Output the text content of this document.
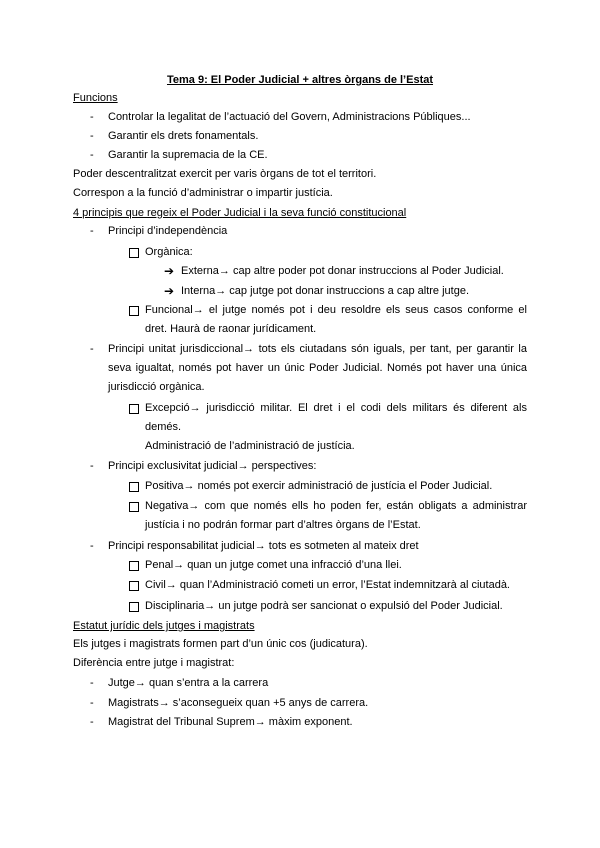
Tema 9: El Poder Judicial + altres òrgans de l’Estat
Funcions
- Controlar la legalitat de l’actuació del Govern, Administracions Públiques...
- Garantir els drets fonamentals.
- Garantir la supremacia de la CE.
Poder descentralitzat exercit per varis òrgans de tot el territori.
Correspon a la funció d’administrar o impartir justícia.
4 principis que regeix el Poder Judicial i la seva funció constitucional
- Principi d’independència
Orgànica:
➔ Externa→ cap altre poder pot donar instruccions al Poder Judicial.
➔ Interna→ cap jutge pot donar instruccions a cap altre jutge.
Funcional→ el jutge només pot i deu resoldre els seus casos conforme el
dret. Haurà de raonar jurídicament.
- Principi unitat jurisdiccional→ tots els ciutadans són iguals, per tant, per garantir la
seva igualtat, només pot haver un únic Poder Judicial. Només pot haver una única
jurisdicció orgànica.
Excepció→ jurisdicció militar. El dret i el codi dels militars és diferent als
demés.
Administració de l’administració de justícia.
- Principi exclusivitat judicial→ perspectives:
Positiva→ només pot exercir administració de justícia el Poder Judicial.
Negativa→ com que només ells ho poden fer, están obligats a administrar
justícia i no podrán formar part d’altres òrgans de l’Estat.
- Principi responsabilitat judicial→ tots es sotmeten al mateix dret
Penal→ quan un jutge comet una infracció d’una llei.
Civil→ quan l’Administració cometi un error, l’Estat indemnitzarà al ciutadà.
Disciplinaria→ un jutge podrà ser sancionat o expulsió del Poder Judicial.
Estatut jurídic dels jutges i magistrats
Els jutges i magistrats formen part d’un únic cos (judicatura).
Diferència entre jutge i magistrat:
- Jutge→ quan s’entra a la carrera
- Magistrats→ s’aconsegueix quan +5 anys de carrera.
- Magistrat del Tribunal Suprem→ màxim exponent.
